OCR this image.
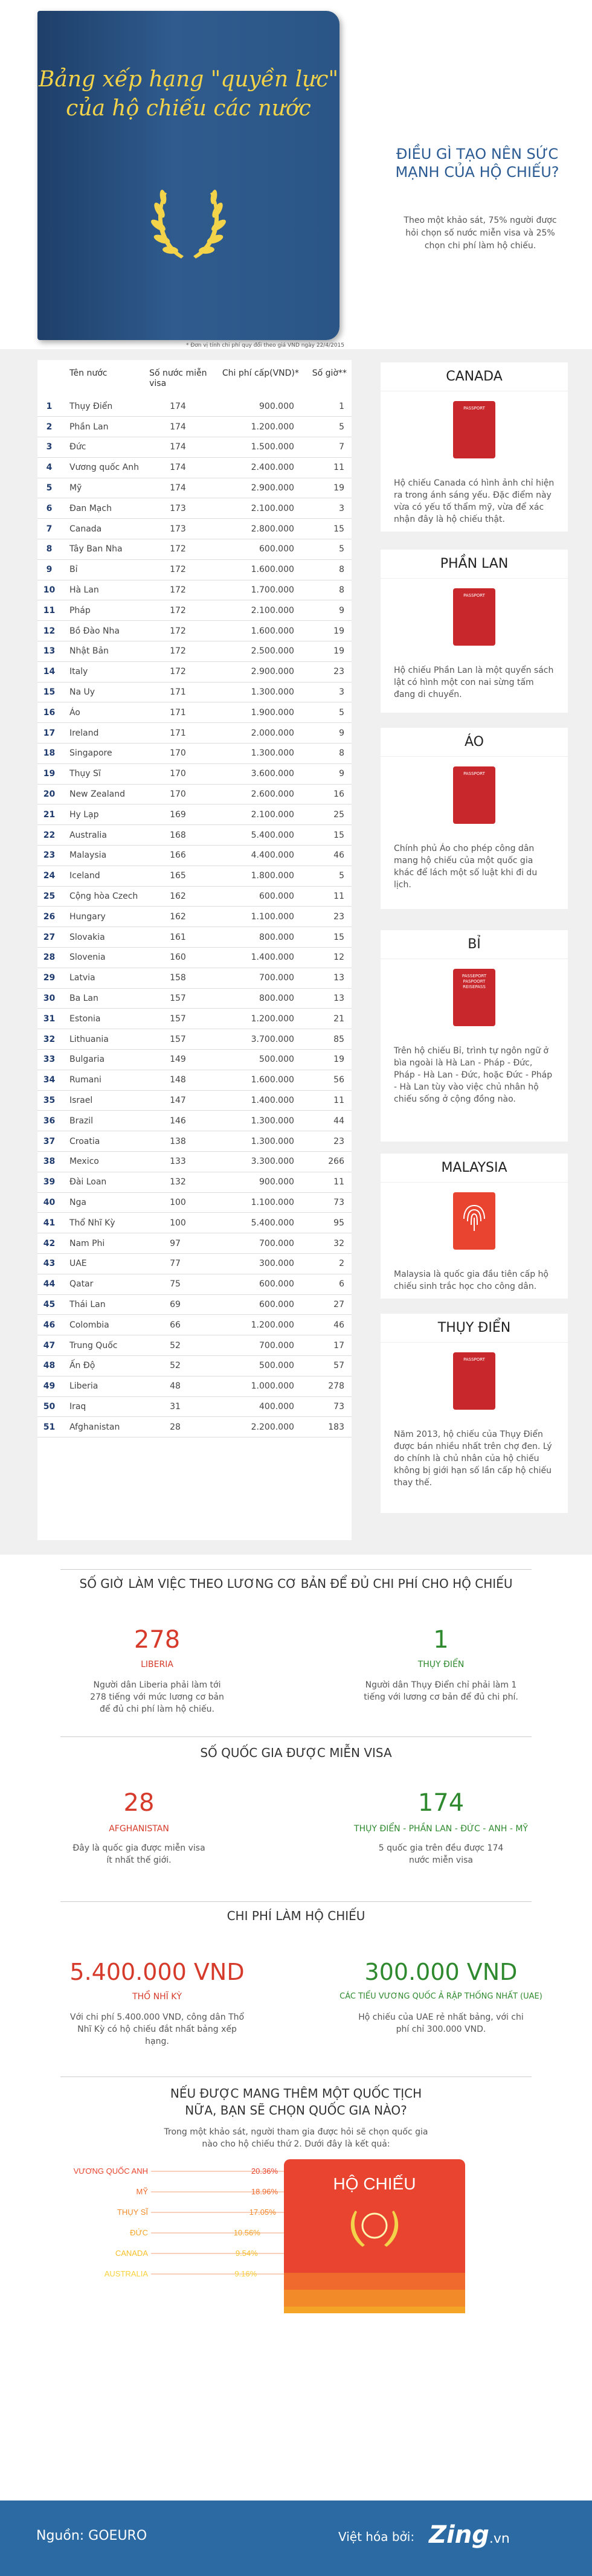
Bảng xếp hạng "quyền lực"
của hộ chiếu các nước
* Đơn vị tính chi phí quy đổi theo giá VND ngày 22/4/2015
ĐIỀU GÌ TẠO NÊN SỨC MẠNH CỦA HỘ CHIẾU?
Theo một khảo sát, 75% người được hỏi chọn số nước miễn visa và 25% chọn chi phí làm hộ chiếu.
	Tên nước	Số nước miễn visa	Chi phí cấp(VND)*	Số giờ**
1	Thụy Điển	174	900.000	1
2	Phần Lan	174	1.200.000	5
3	Đức	174	1.500.000	7
4	Vương quốc Anh	174	2.400.000	11
5	Mỹ	174	2.900.000	19
6	Đan Mạch	173	2.100.000	3
7	Canada	173	2.800.000	15
8	Tây Ban Nha	172	600.000	5
9	Bỉ	172	1.600.000	8
10	Hà Lan	172	1.700.000	8
11	Pháp	172	2.100.000	9
12	Bồ Đào Nha	172	1.600.000	19
13	Nhật Bản	172	2.500.000	19
14	Italy	172	2.900.000	23
15	Na Uy	171	1.300.000	3
16	Áo	171	1.900.000	5
17	Ireland	171	2.000.000	9
18	Singapore	170	1.300.000	8
19	Thụy Sĩ	170	3.600.000	9
20	New Zealand	170	2.600.000	16
21	Hy Lạp	169	2.100.000	25
22	Australia	168	5.400.000	15
23	Malaysia	166	4.400.000	46
24	Iceland	165	1.800.000	5
25	Cộng hòa Czech	162	600.000	11
26	Hungary	162	1.100.000	23
27	Slovakia	161	800.000	15
28	Slovenia	160	1.400.000	12
29	Latvia	158	700.000	13
30	Ba Lan	157	800.000	13
31	Estonia	157	1.200.000	21
32	Lithuania	157	3.700.000	85
33	Bulgaria	149	500.000	19
34	Rumani	148	1.600.000	56
35	Israel	147	1.400.000	11
36	Brazil	146	1.300.000	44
37	Croatia	138	1.300.000	23
38	Mexico	133	3.300.000	266
39	Đài Loan	132	900.000	11
40	Nga	100	1.100.000	73
41	Thổ Nhĩ Kỳ	100	5.400.000	95
42	Nam Phi	97	700.000	32
43	UAE	77	300.000	2
44	Qatar	75	600.000	6
45	Thái Lan	69	600.000	27
46	Colombia	66	1.200.000	46
47	Trung Quốc	52	700.000	17
48	Ấn Độ	52	500.000	57
49	Liberia	48	1.000.000	278
50	Iraq	31	400.000	73
51	Afghanistan	28	2.200.000	183
CANADA
PASSPORT
Hộ chiếu Canada có hình ảnh chỉ hiện ra trong ánh sáng yếu. Đặc điểm này vừa có yếu tố thẩm mỹ, vừa để xác nhận đây là hộ chiếu thật.
PHẦN LAN
PASSPORT
Hộ chiếu Phần Lan là một quyển sách lật có hình một con nai sừng tấm đang di chuyển.
ÁO
PASSPORT
Chính phủ Áo cho phép công dân mang hộ chiếu của một quốc gia khác để lách một số luật khi đi du lịch.
BỈ
PASSEPORT
PASPOORT
REISEPASS
Trên hộ chiếu Bỉ, trình tự ngôn ngữ ở bìa ngoài là Hà Lan - Pháp - Đức, Pháp - Hà Lan - Đức, hoặc Đức - Pháp - Hà Lan tùy vào việc chủ nhân hộ chiếu sống ở cộng đồng nào.
MALAYSIA
Malaysia là quốc gia đầu tiên cấp hộ chiếu sinh trắc học cho công dân.
THỤY ĐIỂN
PASSPORT
Năm 2013, hộ chiếu của Thụy Điển được bán nhiều nhất trên chợ đen. Lý do chính là chủ nhân của hộ chiếu không bị giới hạn số lần cấp hộ chiếu thay thế.
SỐ GIỜ LÀM VIỆC THEO LƯƠNG CƠ BẢN ĐỂ ĐỦ CHI PHÍ CHO HỘ CHIẾU
278
LIBERIA
Người dân Liberia phải làm tới 278 tiếng với mức lương cơ bản để đủ chi phí làm hộ chiếu.
1
THỤY ĐIỂN
Người dân Thụy Điển chỉ phải làm 1 tiếng với lương cơ bản để đủ chi phí.
SỐ QUỐC GIA ĐƯỢC MIỄN VISA
28
AFGHANISTAN
Đây là quốc gia được miễn visa ít nhất thế giới.
174
THỤY ĐIỂN - PHẦN LAN - ĐỨC - ANH - MỸ
5 quốc gia trên đều được 174 nước miễn visa
CHI PHÍ LÀM HỘ CHIẾU
5.400.000 VND
THỔ NHĨ KỲ
Với chi phí 5.400.000 VND, công dân Thổ Nhĩ Kỳ có hộ chiếu đắt nhất bảng xếp hạng.
300.000 VND
CÁC TIỂU VƯƠNG QUỐC Ả RẬP THỐNG NHẤT (UAE)
Hộ chiếu của UAE rẻ nhất bảng, với chi phí chỉ 300.000 VND.
NẾU ĐƯỢC MANG THÊM MỘT QUỐC TỊCH
NỮA, BẠN SẼ CHỌN QUỐC GIA NÀO?
Trong một khảo sát, người tham gia được hỏi sẽ chọn quốc gia nào cho hộ chiếu thứ 2. Dưới đây là kết quả:
HỘ CHIẾU
VƯƠNG QUỐC ANH	20.36%
MỸ	18.96%
THỤY SĨ	17.05%
ĐỨC	10.56%
CANADA	9.54%
AUSTRALIA	9.16%
Nguồn: GOEURO	Việt hóa bởi: Zing.vn
